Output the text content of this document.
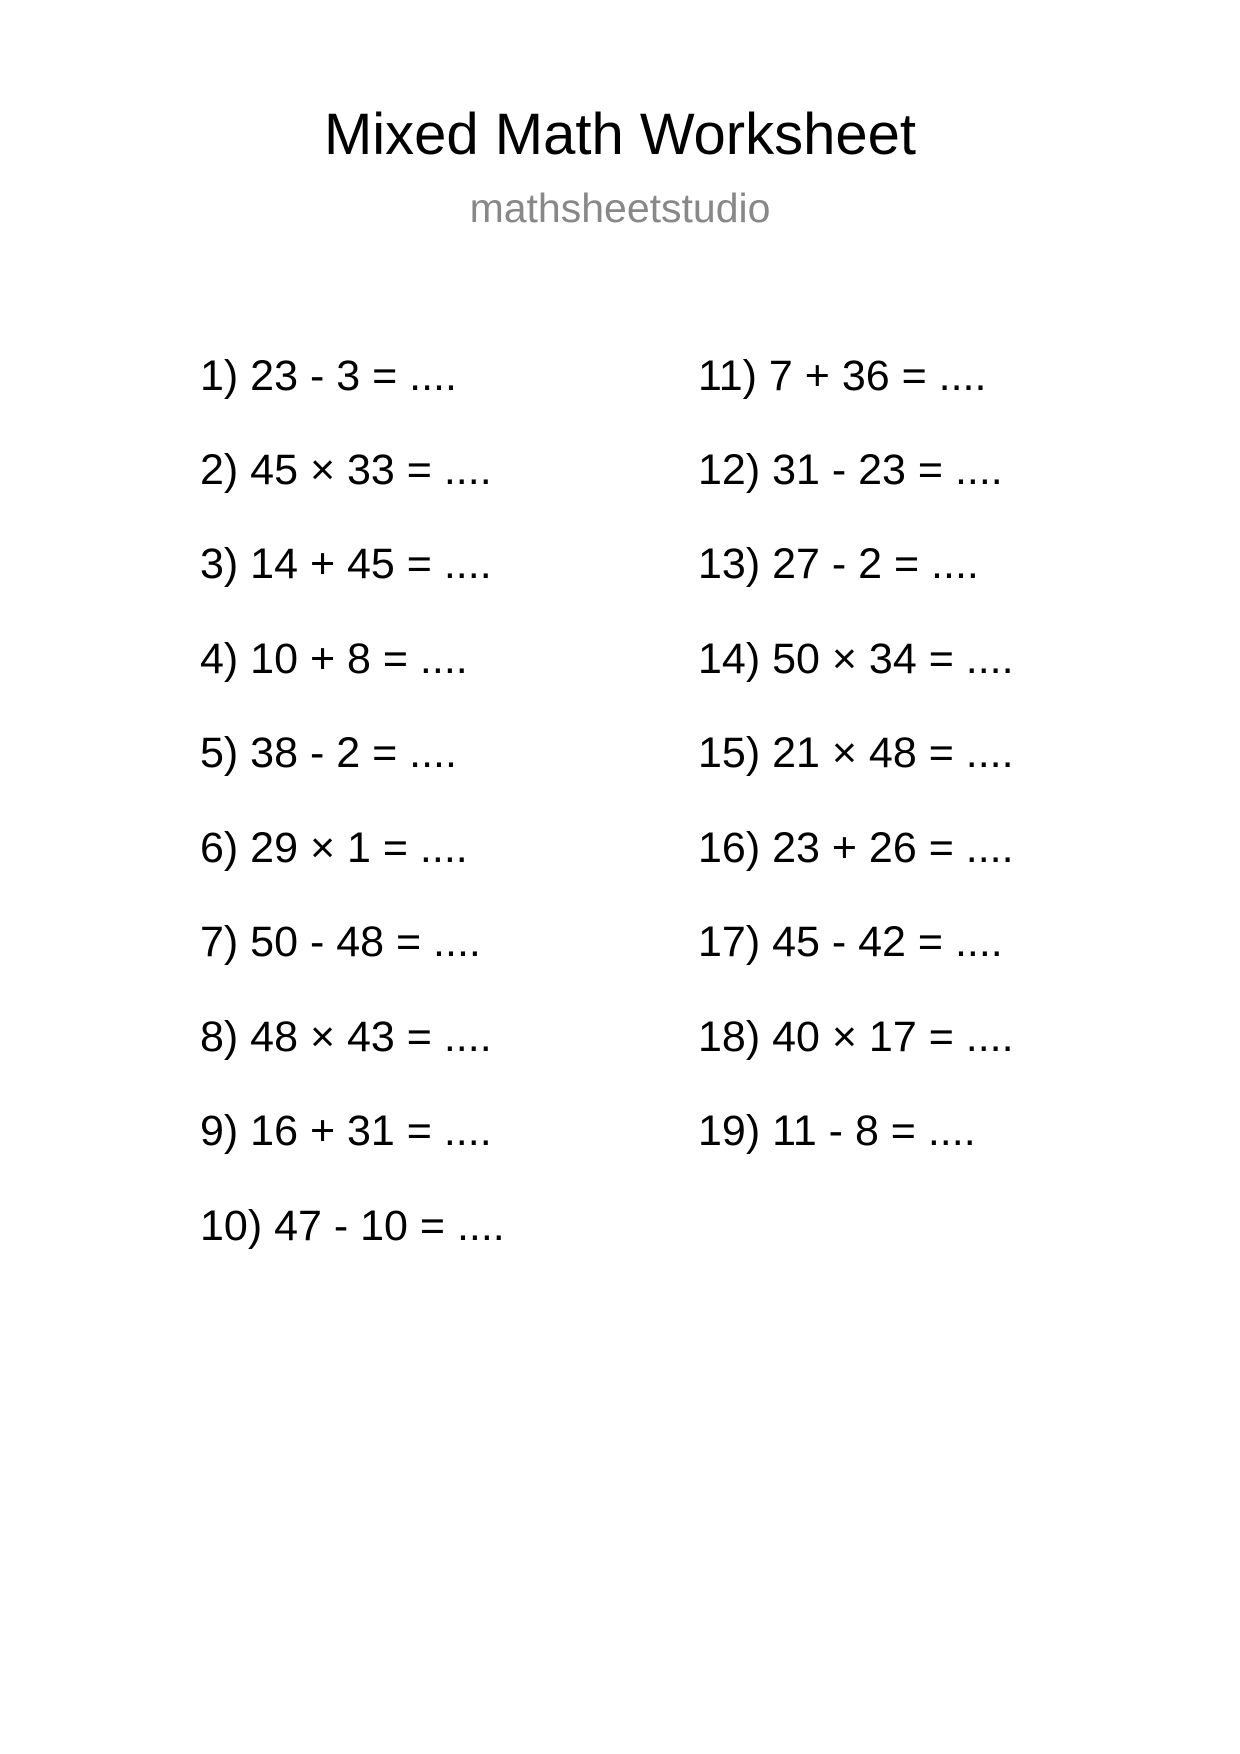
Mixed Math Worksheet
mathsheetstudio
1) 23 - 3 = ....
2) 45 × 33 = ....
3) 14 + 45 = ....
4) 10 + 8 = ....
5) 38 - 2 = ....
6) 29 × 1 = ....
7) 50 - 48 = ....
8) 48 × 43 = ....
9) 16 + 31 = ....
10) 47 - 10 = ....
11) 7 + 36 = ....
12) 31 - 23 = ....
13) 27 - 2 = ....
14) 50 × 34 = ....
15) 21 × 48 = ....
16) 23 + 26 = ....
17) 45 - 42 = ....
18) 40 × 17 = ....
19) 11 - 8 = ....
